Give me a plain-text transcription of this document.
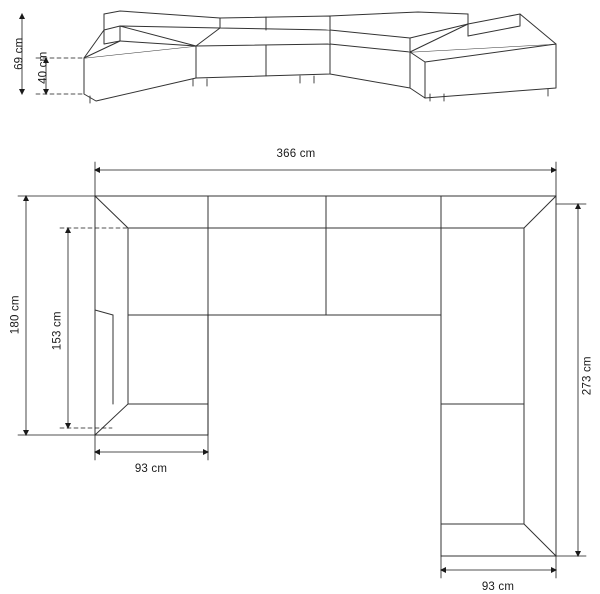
69 cm 40 cm
366 cm
180 cm	153 cm
273 cm
93 cm
93 cm
